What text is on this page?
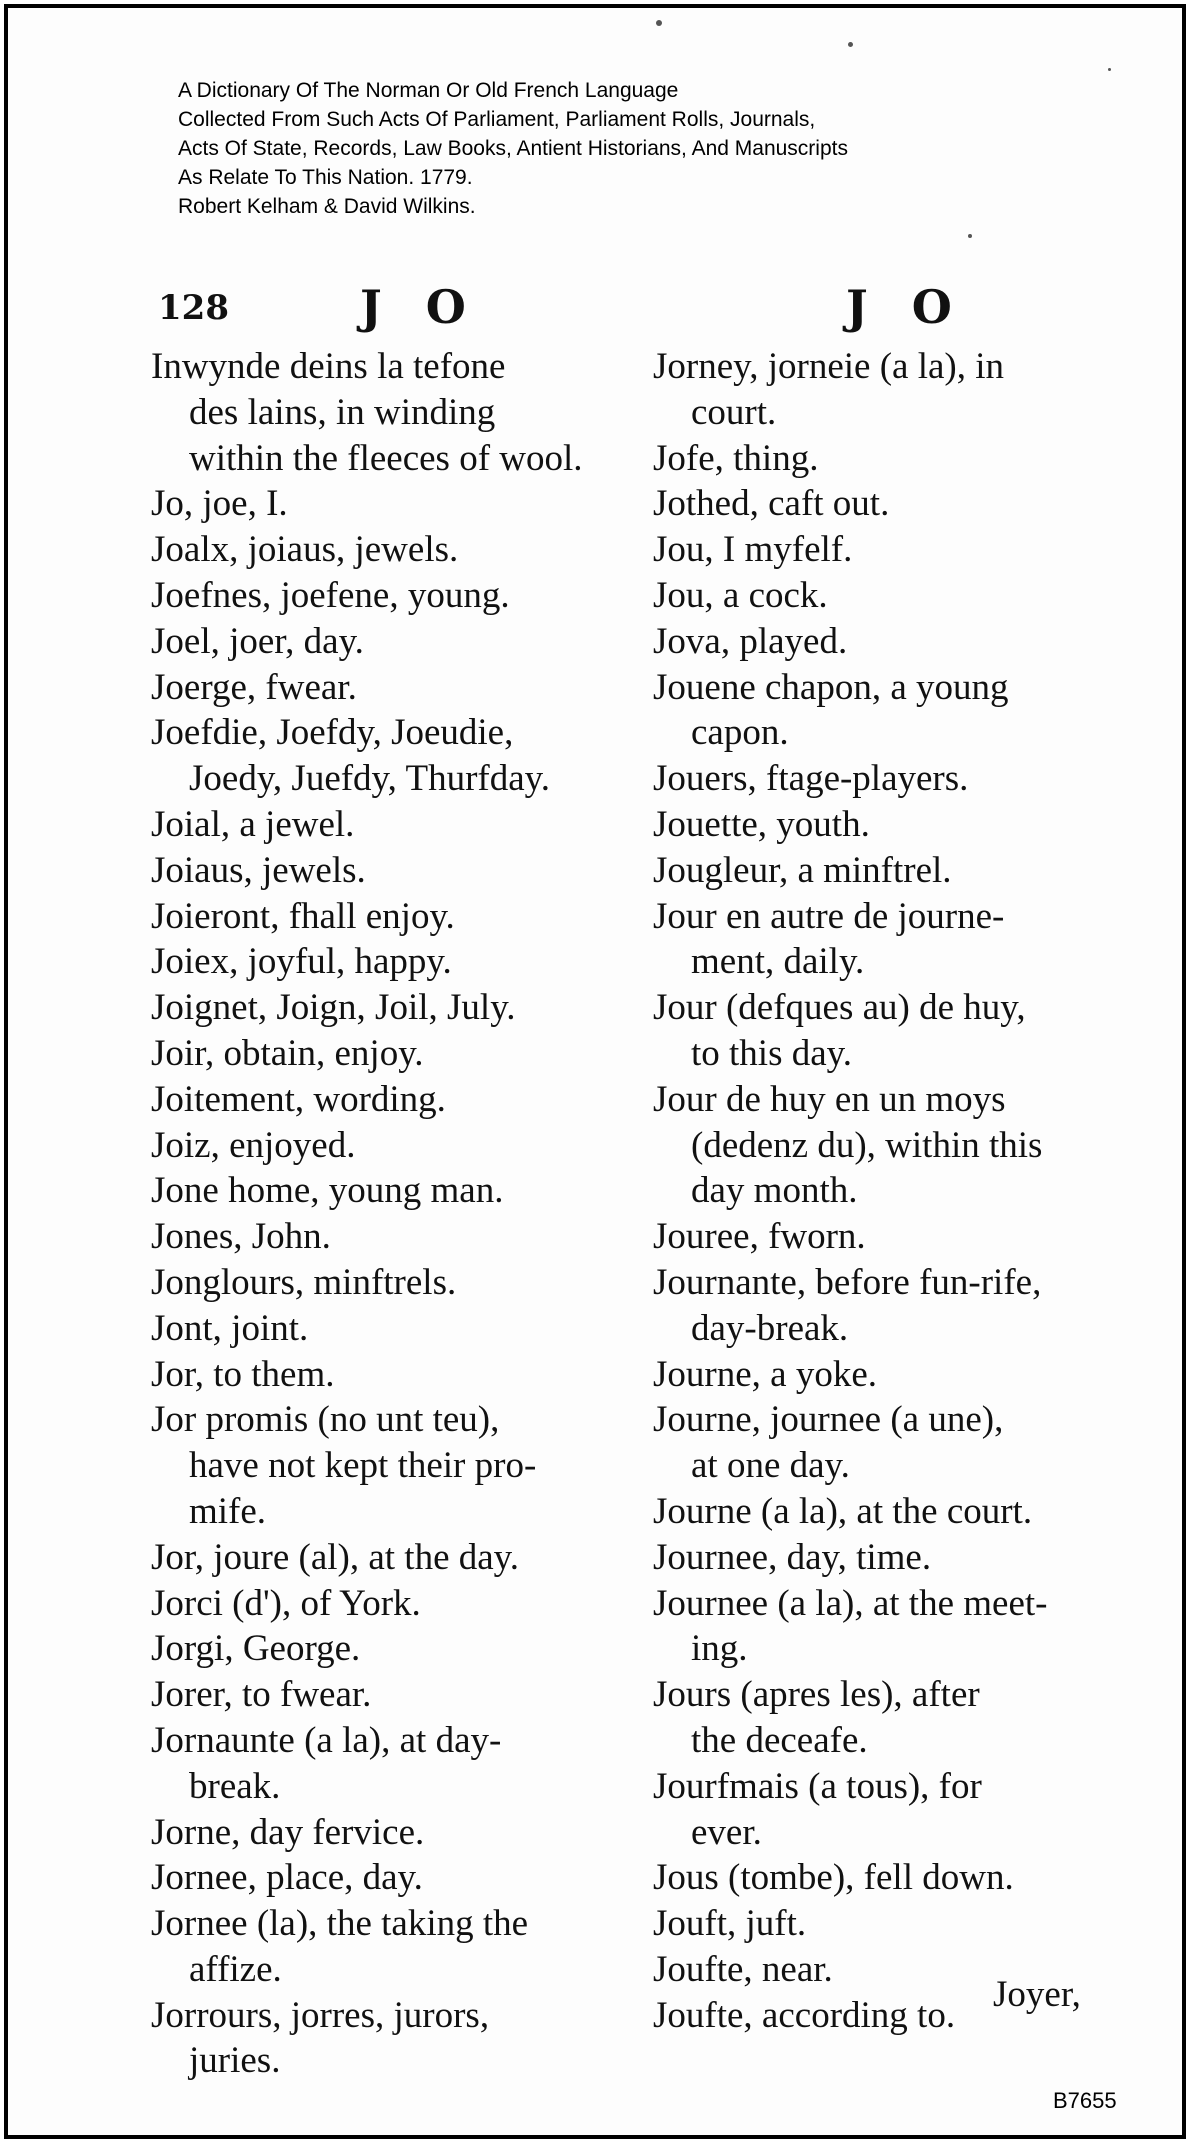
A Dictionary Of The Norman Or Old French Language
Collected From Such Acts Of Parliament, Parliament Rolls, Journals,
Acts Of State, Records, Law Books, Antient Historians, And Manuscripts
As Relate To This Nation. 1779.
Robert Kelham & David Wilkins.
128	J O	J O
Inwynde deins la tefone
des lains, in winding
within the fleeces of wool.
Jo, joe, I.
Joalx, joiaus, jewels.
Joefnes, joefene, young.
Joel, joer, day.
Joerge, fwear.
Joefdie, Joefdy, Joeudie,
Joedy, Juefdy, Thurfday.
Joial, a jewel.
Joiaus, jewels.
Joieront, fhall enjoy.
Joiex, joyful, happy.
Joignet, Joign, Joil, July.
Joir, obtain, enjoy.
Joitement, wording.
Joiz, enjoyed.
Jone home, young man.
Jones, John.
Jonglours, minftrels.
Jont, joint.
Jor, to them.
Jor promis (no unt teu),
have not kept their pro-
mife.
Jor, joure (al), at the day.
Jorci (d'), of York.
Jorgi, George.
Jorer, to fwear.
Jornaunte (a la), at day-
break.
Jorne, day fervice.
Jornee, place, day.
Jornee (la), the taking the
affize.
Jorrours, jorres, jurors,
juries.
Jorney, jorneie (a la), in
court.
Jofe, thing.
Jothed, caft out.
Jou, I myfelf.
Jou, a cock.
Jova, played.
Jouene chapon, a young
capon.
Jouers, ftage-players.
Jouette, youth.
Jougleur, a minftrel.
Jour en autre de journe-
ment, daily.
Jour (defques au) de huy,
to this day.
Jour de huy en un moys
(dedenz du), within this
day month.
Jouree, fworn.
Journante, before fun-rife,
day-break.
Journe, a yoke.
Journe, journee (a une),
at one day.
Journe (a la), at the court.
Journee, day, time.
Journee (a la), at the meet-
ing.
Jours (apres les), after
the deceafe.
Jourfmais (a tous), for
ever.
Jous (tombe), fell down.
Jouft, juft.
Joufte, near.
Joufte, according to.
Joyer,
B7655
